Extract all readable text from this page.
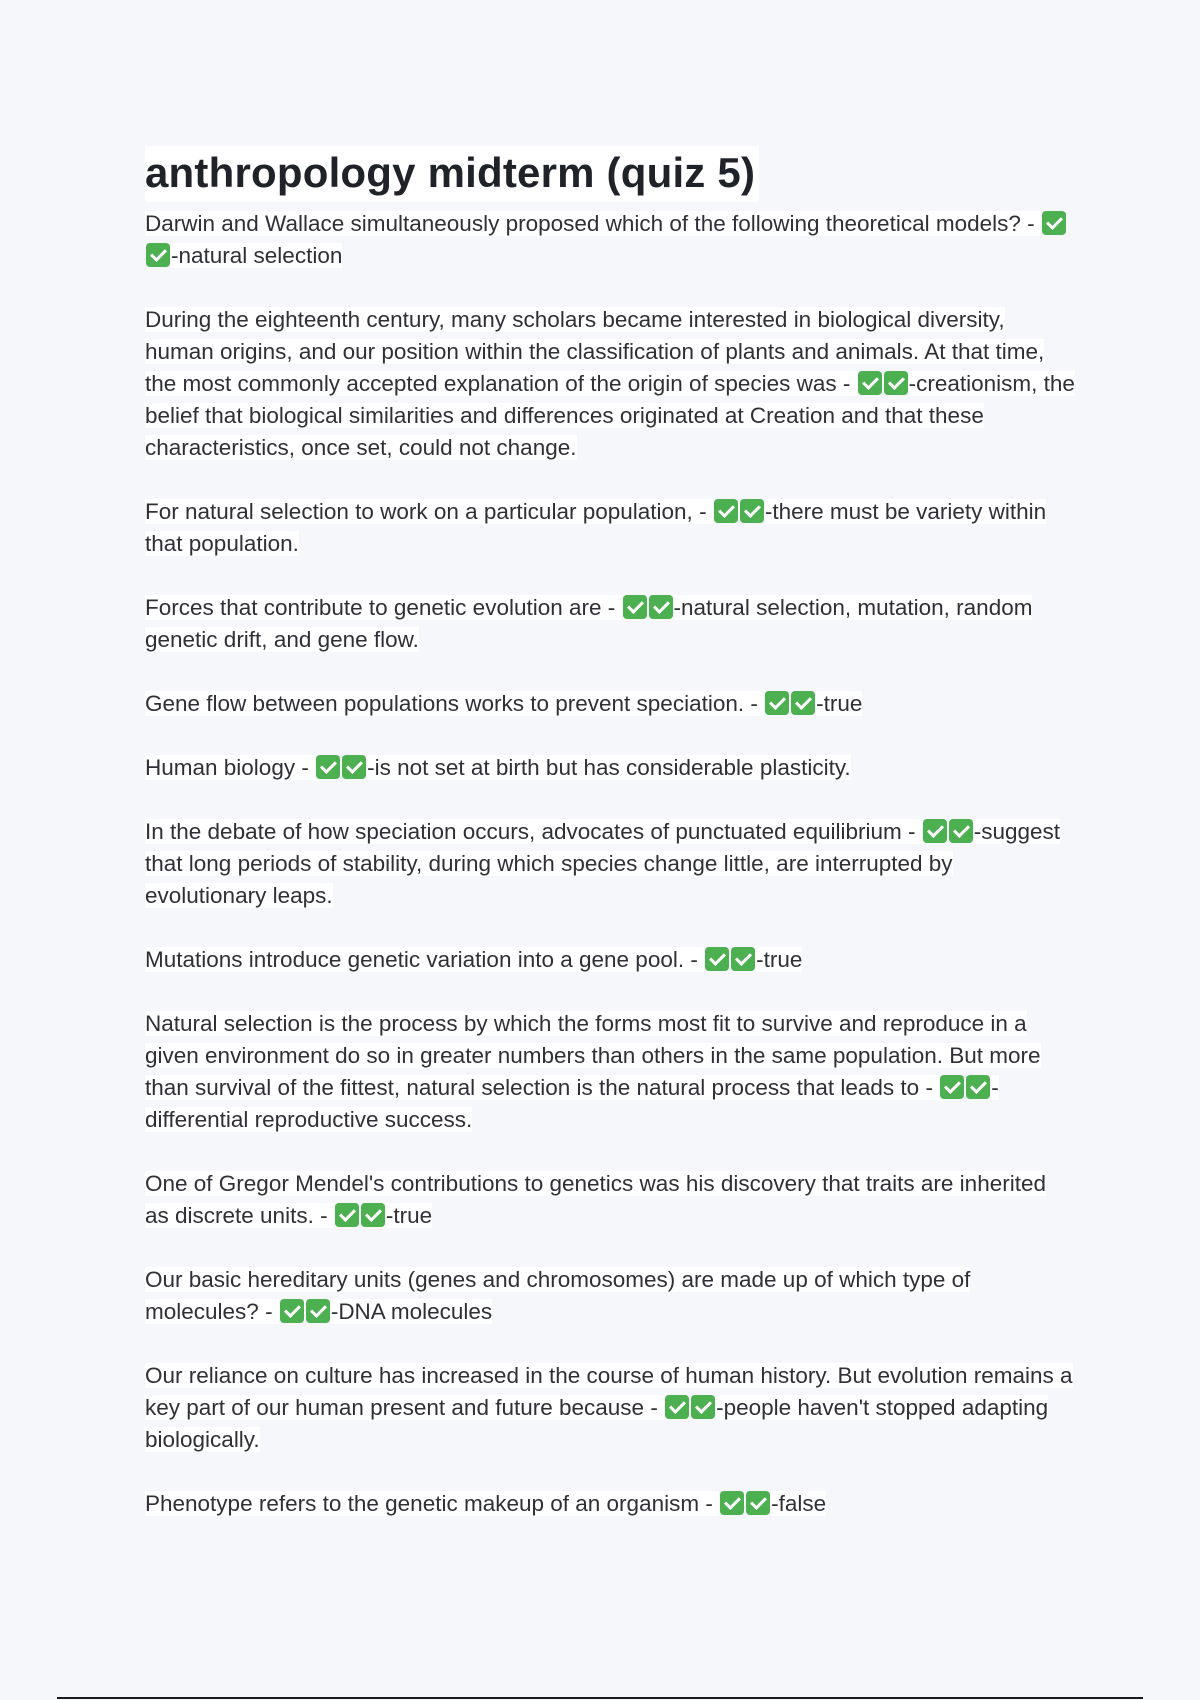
anthropology midterm (quiz 5)

Darwin and Wallace simultaneously proposed which of the following theoretical models? - -natural selection

During the eighteenth century, many scholars became interested in biological diversity, human origins, and our position within the classification of plants and animals. At that time, the most commonly accepted explanation of the origin of species was - -creationism, the belief that biological similarities and differences originated at Creation and that these characteristics, once set, could not change.

For natural selection to work on a particular population, - -there must be variety within that population.

Forces that contribute to genetic evolution are - -natural selection, mutation, random genetic drift, and gene flow.

Gene flow between populations works to prevent speciation. - -true

Human biology - -is not set at birth but has considerable plasticity.

In the debate of how speciation occurs, advocates of punctuated equilibrium - -suggest that long periods of stability, during which species change little, are interrupted by evolutionary leaps.

Mutations introduce genetic variation into a gene pool. - -true

Natural selection is the process by which the forms most fit to survive and reproduce in a given environment do so in greater numbers than others in the same population. But more than survival of the fittest, natural selection is the natural process that leads to - -differential reproductive success.

One of Gregor Mendel's contributions to genetics was his discovery that traits are inherited as discrete units. - -true

Our basic hereditary units (genes and chromosomes) are made up of which type of molecules? - -DNA molecules

Our reliance on culture has increased in the course of human history. But evolution remains a key part of our human present and future because - -people haven't stopped adapting biologically.

Phenotype refers to the genetic makeup of an organism - -false
